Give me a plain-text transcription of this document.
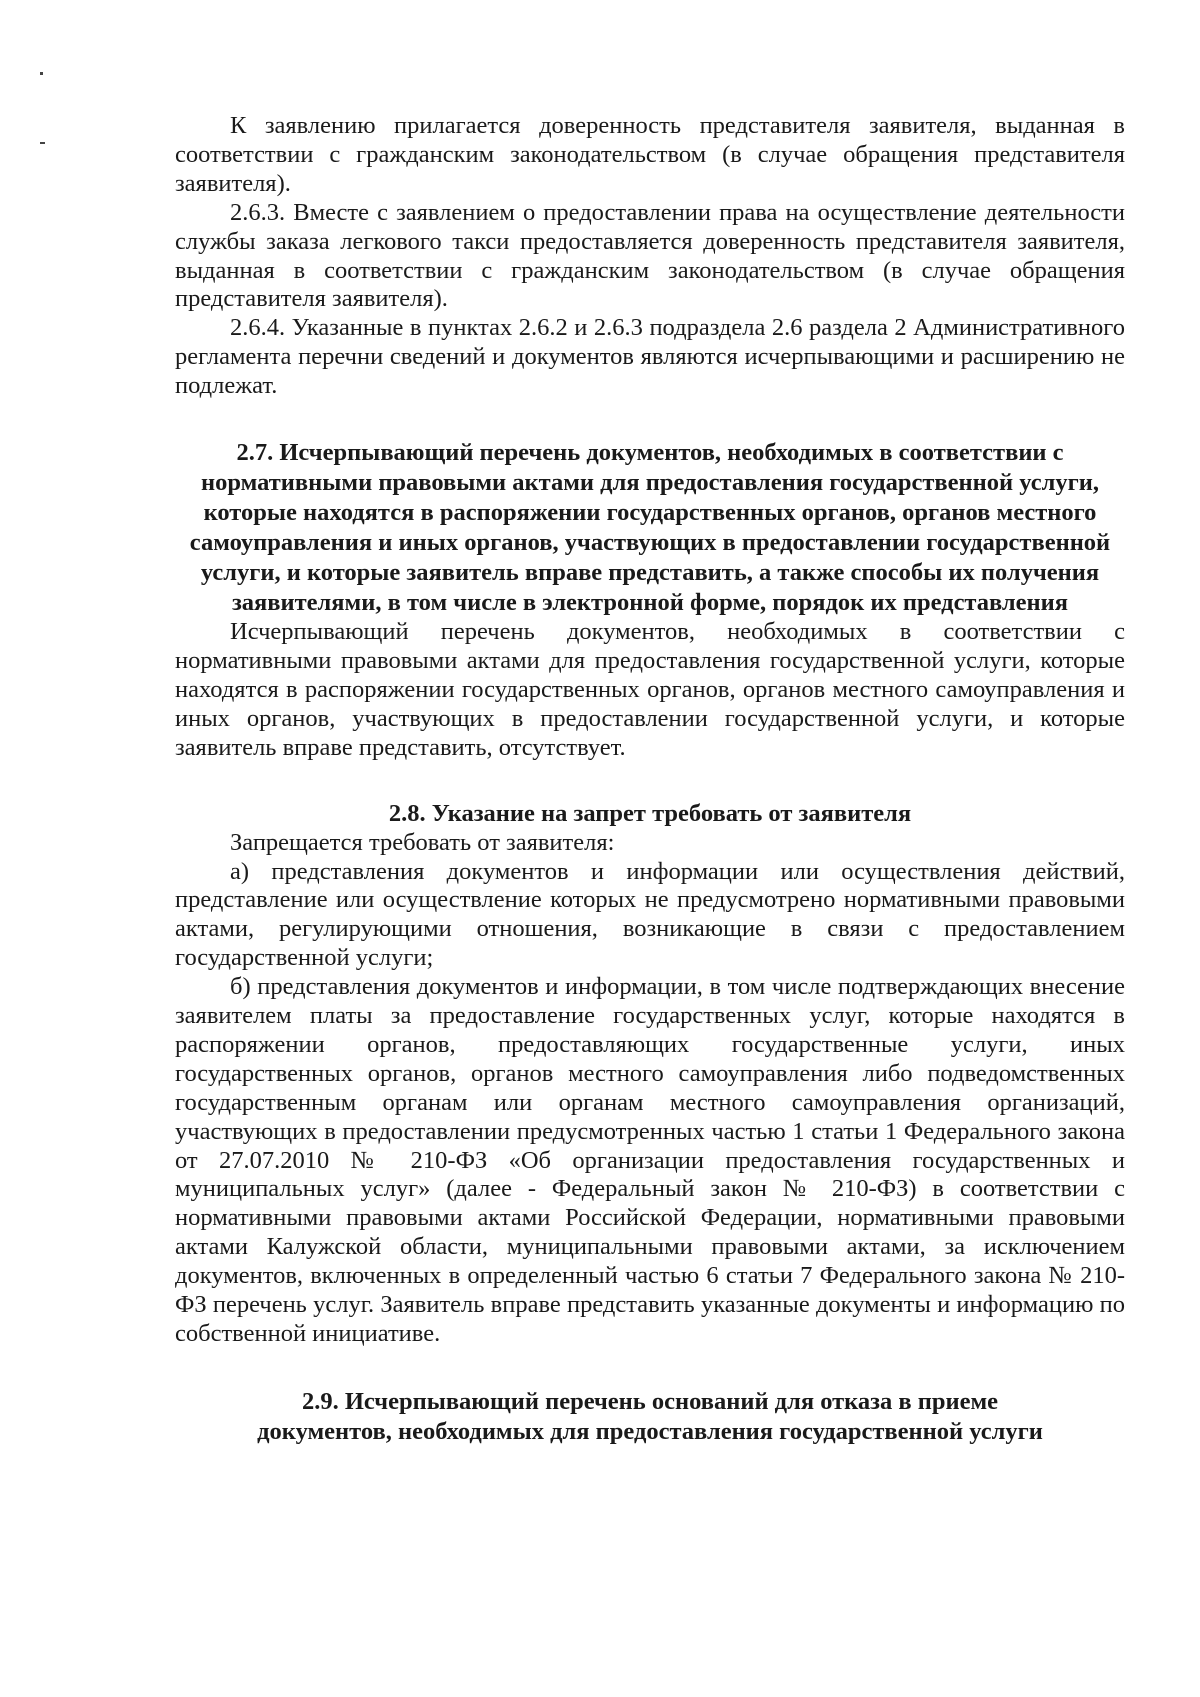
К заявлению прилагается доверенность представителя заявителя, выданная в соответствии с гражданским законодательством (в случае обращения представителя заявителя).

2.6.3. Вместе с заявлением о предоставлении права на осуществление деятельности службы заказа легкового такси предоставляется доверенность представителя заявителя, выданная в соответствии с гражданским законодательством (в случае обращения представителя заявителя).

2.6.4. Указанные в пунктах 2.6.2 и 2.6.3 подраздела 2.6 раздела 2 Административного регламента перечни сведений и документов являются исчерпывающими и расширению не подлежат.

2.7. Исчерпывающий перечень документов, необходимых в соответствии с нормативными правовыми актами для предоставления государственной услуги, которые находятся в распоряжении государственных органов, органов местного самоуправления и иных органов, участвующих в предоставлении государственной услуги, и которые заявитель вправе представить, а также способы их получения заявителями, в том числе в электронной форме, порядок их представления

Исчерпывающий перечень документов, необходимых в соответствии с нормативными правовыми актами для предоставления государственной услуги, которые находятся в распоряжении государственных органов, органов местного самоуправления и иных органов, участвующих в предоставлении государственной услуги, и которые заявитель вправе представить, отсутствует.

2.8. Указание на запрет требовать от заявителя

Запрещается требовать от заявителя:

а) представления документов и информации или осуществления действий, представление или осуществление которых не предусмотрено нормативными правовыми актами, регулирующими отношения, возникающие в связи с предоставлением государственной услуги;

б) представления документов и информации, в том числе подтверждающих внесение заявителем платы за предоставление государственных услуг, которые находятся в распоряжении органов, предоставляющих государственные услуги, иных государственных органов, органов местного самоуправления либо подведомственных государственным органам или органам местного самоуправления организаций, участвующих в предоставлении предусмотренных частью 1 статьи 1 Федерального закона от 27.07.2010 № 210-ФЗ «Об организации предоставления государственных и муниципальных услуг» (далее - Федеральный закон № 210-ФЗ) в соответствии с нормативными правовыми актами Российской Федерации, нормативными правовыми актами Калужской области, муниципальными правовыми актами, за исключением документов, включенных в определенный частью 6 статьи 7 Федерального закона № 210-ФЗ перечень услуг. Заявитель вправе представить указанные документы и информацию по собственной инициативе.

2.9. Исчерпывающий перечень оснований для отказа в приеме документов, необходимых для предоставления государственной услуги
